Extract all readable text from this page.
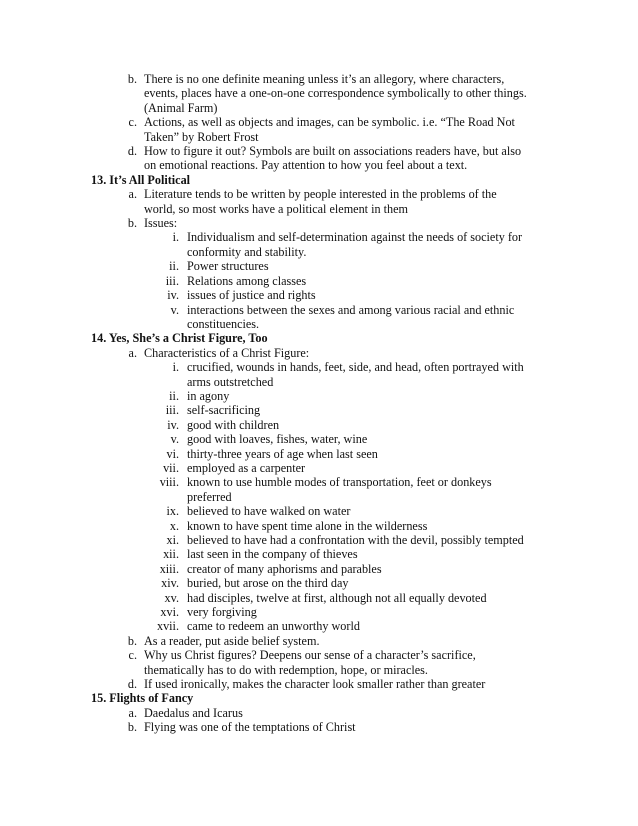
b. There is no one definite meaning unless it’s an allegory, where characters,
events, places have a one-on-one correspondence symbolically to other things.
(Animal Farm)
c. Actions, as well as objects and images, can be symbolic. i.e. “The Road Not
Taken” by Robert Frost
d. How to figure it out? Symbols are built on associations readers have, but also
on emotional reactions. Pay attention to how you feel about a text.
13. It’s All Political
a. Literature tends to be written by people interested in the problems of the
world, so most works have a political element in them
b. Issues:
i. Individualism and self-determination against the needs of society for
conformity and stability.
ii. Power structures
iii. Relations among classes
iv. issues of justice and rights
v. interactions between the sexes and among various racial and ethnic
constituencies.
14. Yes, She’s a Christ Figure, Too
a. Characteristics of a Christ Figure:
i. crucified, wounds in hands, feet, side, and head, often portrayed with
arms outstretched
ii. in agony
iii. self-sacrificing
iv. good with children
v. good with loaves, fishes, water, wine
vi. thirty-three years of age when last seen
vii. employed as a carpenter
viii. known to use humble modes of transportation, feet or donkeys
preferred
ix. believed to have walked on water
x. known to have spent time alone in the wilderness
xi. believed to have had a confrontation with the devil, possibly tempted
xii. last seen in the company of thieves
xiii. creator of many aphorisms and parables
xiv. buried, but arose on the third day
xv. had disciples, twelve at first, although not all equally devoted
xvi. very forgiving
xvii. came to redeem an unworthy world
b. As a reader, put aside belief system.
c. Why us Christ figures? Deepens our sense of a character’s sacrifice,
thematically has to do with redemption, hope, or miracles.
d. If used ironically, makes the character look smaller rather than greater
15. Flights of Fancy
a. Daedalus and Icarus
b. Flying was one of the temptations of Christ
